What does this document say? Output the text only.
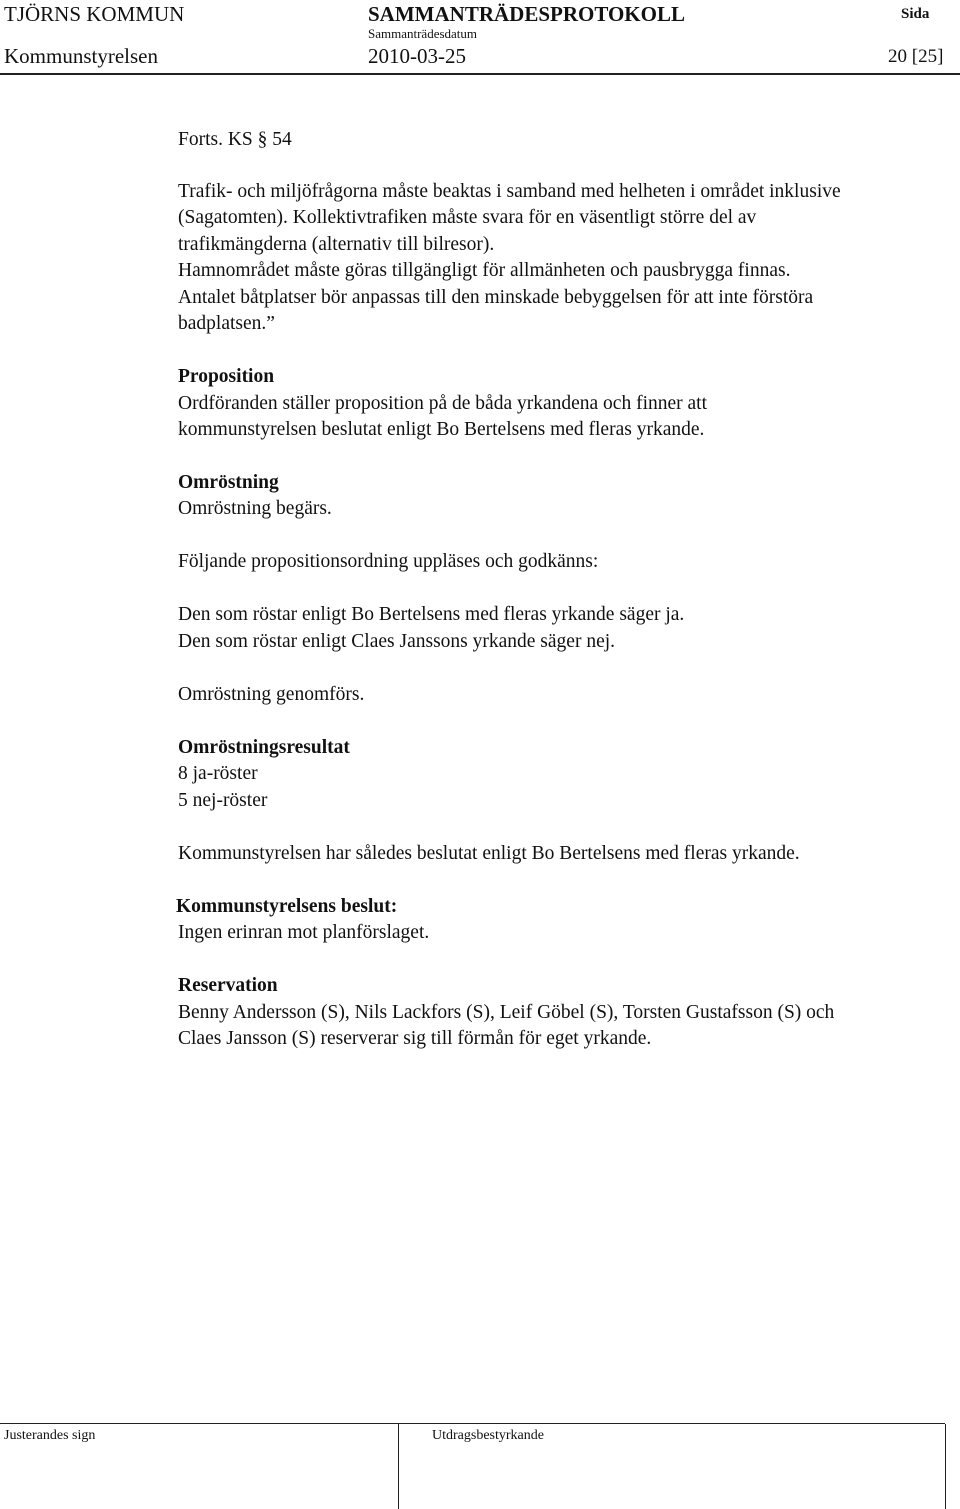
TJÖRNS KOMMUN	SAMMANTRÄDESPROTOKOLL	Sida
Sammanträdesdatum
Kommunstyrelsen	2010-03-25	20 [25]
Forts. KS § 54
Trafik- och miljöfrågorna måste beaktas i samband med helheten i området inklusive
(Sagatomten). Kollektivtrafiken måste svara för en väsentligt större del av
trafikmängderna (alternativ till bilresor).
Hamnområdet måste göras tillgängligt för allmänheten och pausbrygga finnas.
Antalet båtplatser bör anpassas till den minskade bebyggelsen för att inte förstöra
badplatsen.”
Proposition
Ordföranden ställer proposition på de båda yrkandena och finner att
kommunstyrelsen beslutat enligt Bo Bertelsens med fleras yrkande.
Omröstning
Omröstning begärs.
Följande propositionsordning uppläses och godkänns:
Den som röstar enligt Bo Bertelsens med fleras yrkande säger ja.
Den som röstar enligt Claes Janssons yrkande säger nej.
Omröstning genomförs.
Omröstningsresultat
8 ja-röster
5 nej-röster
Kommunstyrelsen har således beslutat enligt Bo Bertelsens med fleras yrkande.
Kommunstyrelsens beslut:
Ingen erinran mot planförslaget.
Reservation
Benny Andersson (S), Nils Lackfors (S), Leif Göbel (S), Torsten Gustafsson (S) och
Claes Jansson (S) reserverar sig till förmån för eget yrkande.
Justerandes sign	Utdragsbestyrkande
